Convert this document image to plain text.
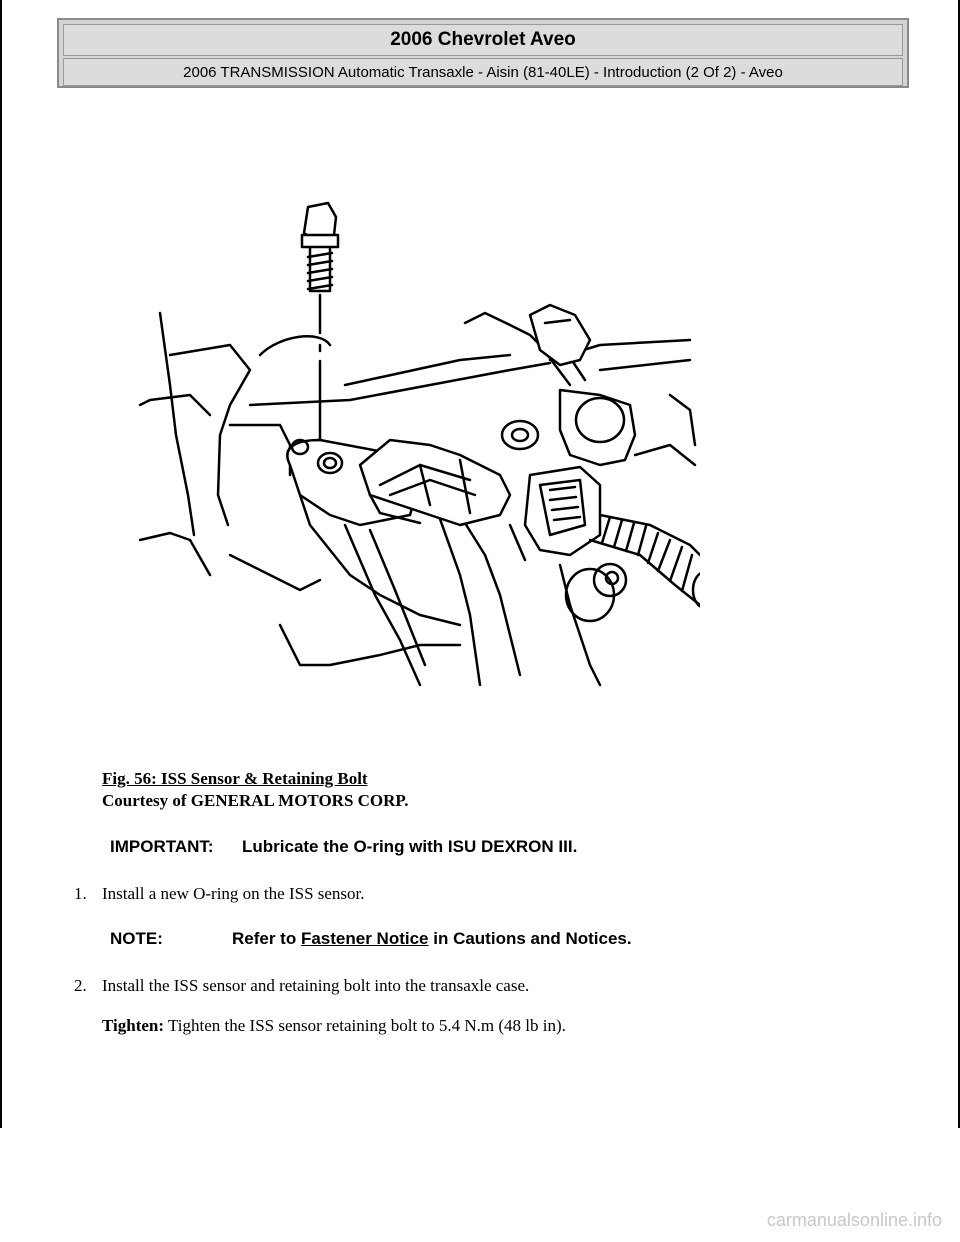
2006 Chevrolet Aveo
2006 TRANSMISSION Automatic Transaxle - Aisin (81-40LE) - Introduction (2 Of 2) - Aveo
Fig. 56: ISS Sensor & Retaining Bolt
Courtesy of GENERAL MOTORS CORP.
IMPORTANT:	Lubricate the O-ring with ISU DEXRON III.
1. Install a new O-ring on the ISS sensor.
NOTE:	Refer to Fastener Notice in Cautions and Notices.
2. Install the ISS sensor and retaining bolt into the transaxle case.
Tighten: Tighten the ISS sensor retaining bolt to 5.4 N.m (48 lb in).
carmanualsonline.info
